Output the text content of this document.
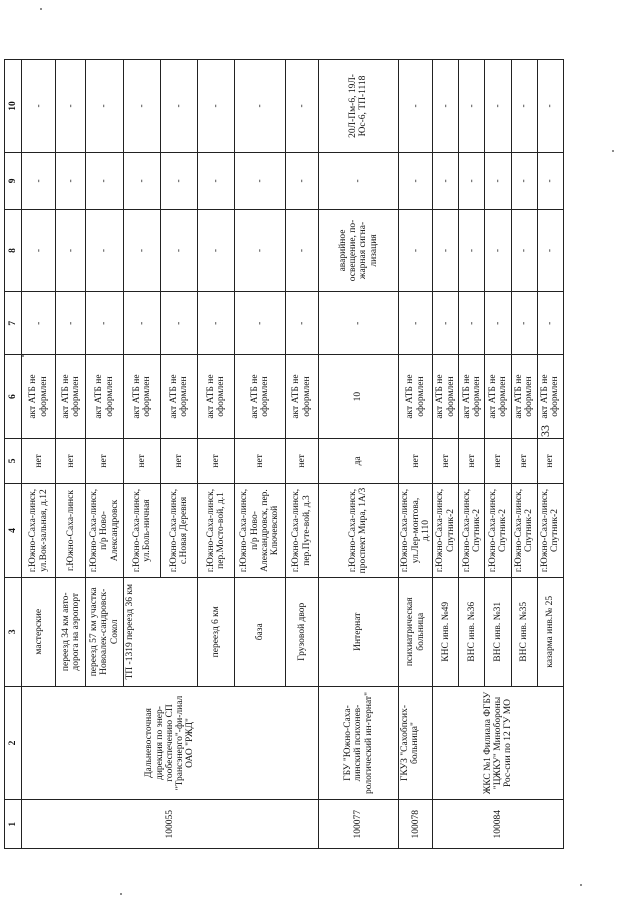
33
1	2	3	4	5	6	7	8	9	10
100055	Дальневосточная дирекция по энер-гообеспечению СП "Трансэнерго"-фи-лиал ОАО "РЖД"	мастерские	г.Южно-Саха-линск, ул.Вок-зальная, д.12	нет	акт АТБ не оформлен	-	-	-	-
		переезд 34 км авто-дорога на аэропорт	г.Южно-Саха-линск	нет	акт АТБ не оформлен	-	-	-	-
		переезд 57 км участка Новоалек-сандровск-Сокол	г.Южно-Саха-линск, п/р Ново-Александровск	нет	акт АТБ не оформлен	-	-	-	-
		ТП -1319 переезд 36 км	г.Южно-Саха-линск, ул.Боль-ничная	нет	акт АТБ не оформлен	-	-	-	-
			г.Южно-Саха-линск, с.Новая Деревня	нет	акт АТБ не оформлен	-	-	-	-
		переезд 6 км	г.Южно-Саха-линск, пер.Мосто-вой, д.1	нет	акт АТБ не оформлен	-	-	-	-
		база	г.Южно-Саха-линск, п/р Ново-Александровск, пер. Ключевской	нет	акт АТБ не оформлен	-	-	-	-
		Грузовой двор	г.Южно-Саха-линск, пер.Путе-вой, д.3	нет	акт АТБ не оформлен	-	-	-	-
100077	ГБУ "Южно-Саха-линский психонев-рологический ин-тернат"	Интернат	г.Южно-Саха-линск, проспект Мира, 1А/3	да	10	-	аварийное освещение, по-жарная сигна-лизация	-	20Л-Пм-6, 19Л-Юс-6, ТП-1118
100078	ГКУЗ "Сахобпсих-больница"	психиатрическая больница	г.Южно-Саха-линск, ул.Лер-монтова, д.110	нет	акт АТБ не оформлен	-	-	-	-
100084	ЖКС №1 Филиала ФГБУ "ЦЖКУ" Минобороны Рос-сии по 12 ГУ МО	КНС инв. №49	г.Южно-Саха-линск, Спутник-2	нет	акт АТБ не оформлен	-	-	-	-
		ВНС инв. №36	г.Южно-Саха-линск, Спутник-2	нет	акт АТБ не оформлен	-	-	-	-
		ВНС инв. №31	г.Южно-Саха-линск, Спутник-2	нет	акт АТБ не оформлен	-	-	-	-
		ВНС инв. №35	г.Южно-Саха-линск, Спутник-2	нет	акт АТБ не оформлен	-	-	-	-
		казарма инв.№ 25	г.Южно-Саха-линск, Спутник-2	нет	акт АТБ не оформлен	-	-	-	-
